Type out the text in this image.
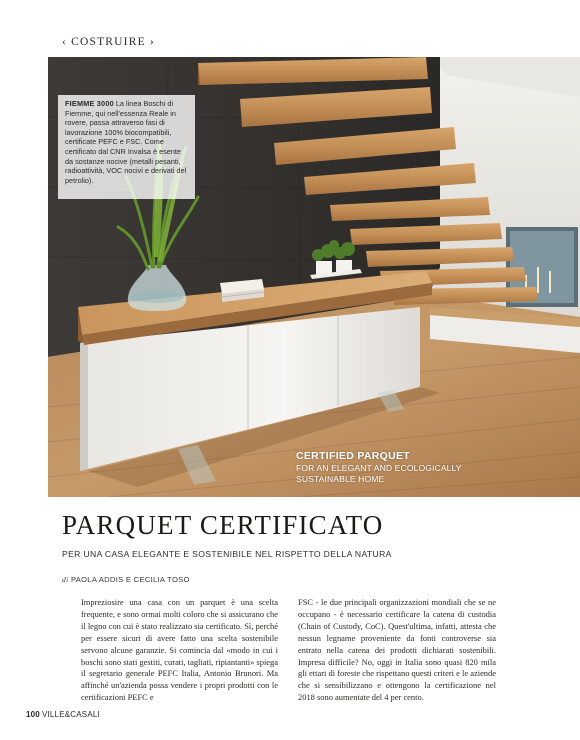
‹ COSTRUIRE ›
FIEMME 3000 La linea Boschi di Fiemme, qui nell'essenza Reale in rovere, passa attraverso fasi di lavorazione 100% biocompatibili, certificate PEFC e FSC. Come certificato dal CNR Invalsa è esente da sostanze nocive (metalli pesanti, radioattività, VOC nocivi e derivati del petrolio).
CERTIFIED PARQUET
FOR AN ELEGANT AND ECOLOGICALLY SUSTAINABLE HOME
PARQUET CERTIFICATO
PER UNA CASA ELEGANTE E SOSTENIBILE NEL RISPETTO DELLA NATURA
di PAOLA ADDIS E CECILIA TOSO
Impreziosire una casa con un parquet è una scelta frequente, e sono ormai molti coloro che si assicurano che il legno con cui è stato realizzato sia certificato. Sì, perché per essere sicuri di avere fatto una scelta sostenibile servono alcune garanzie. Si comincia dal «modo in cui i boschi sono stati gestiti, curati, tagliati, ripiantanti» spiega il segretario generale PEFC Italia, Antonio Brunori. Ma affinché un'azienda possa vendere i propri prodotti con le certificazioni PEFC e
FSC - le due principali organizzazioni mondiali che se ne occupano - è necessario certificare la catena di custodia (Chain of Custody, CoC). Quest'ultima, infatti, attesta che nessun legname proveniente da fonti controverse sia entrato nella catena dei prodotti dichiarati sostenibili. Impresa difficile? No, oggi in Italia sono quasi 820 mila gli ettari di foreste che rispettano questi criteri e le aziende che si sensibilizzano e ottengono la certificazione nel 2018 sono aumentate del 4 per cento.
100 VILLE&CASALI
